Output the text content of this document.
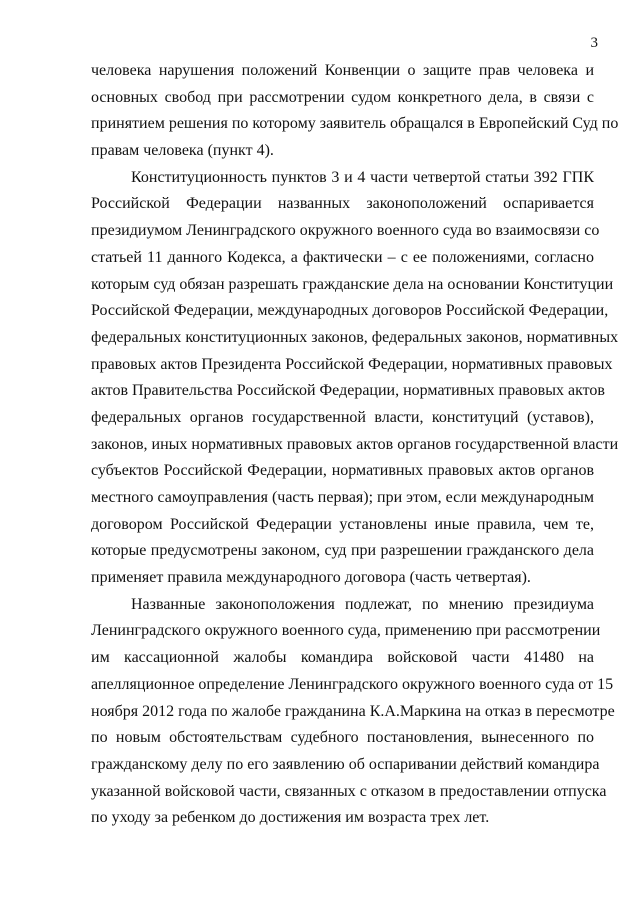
3
человека нарушения положений Конвенции о защите прав человека и
основных свобод при рассмотрении судом конкретного дела, в связи с
принятием решения по которому заявитель обращался в Европейский Суд по
правам человека (пункт 4).
Конституционность пунктов 3 и 4 части четвертой статьи 392 ГПК
Российской Федерации названных законоположений оспаривается
президиумом Ленинградского окружного военного суда во взаимосвязи со
статьей 11 данного Кодекса, а фактически – с ее положениями, согласно
которым суд обязан разрешать гражданские дела на основании Конституции
Российской Федерации, международных договоров Российской Федерации,
федеральных конституционных законов, федеральных законов, нормативных
правовых актов Президента Российской Федерации, нормативных правовых
актов Правительства Российской Федерации, нормативных правовых актов
федеральных органов государственной власти, конституций (уставов),
законов, иных нормативных правовых актов органов государственной власти
субъектов Российской Федерации, нормативных правовых актов органов
местного самоуправления (часть первая); при этом, если международным
договором Российской Федерации установлены иные правила, чем те,
которые предусмотрены законом, суд при разрешении гражданского дела
применяет правила международного договора (часть четвертая).
Названные законоположения подлежат, по мнению президиума
Ленинградского окружного военного суда, применению при рассмотрении
им кассационной жалобы командира войсковой части 41480 на
апелляционное определение Ленинградского окружного военного суда от 15
ноября 2012 года по жалобе гражданина К.А.Маркина на отказ в пересмотре
по новым обстоятельствам судебного постановления, вынесенного по
гражданскому делу по его заявлению об оспаривании действий командира
указанной войсковой части, связанных с отказом в предоставлении отпуска
по уходу за ребенком до достижения им возраста трех лет.
